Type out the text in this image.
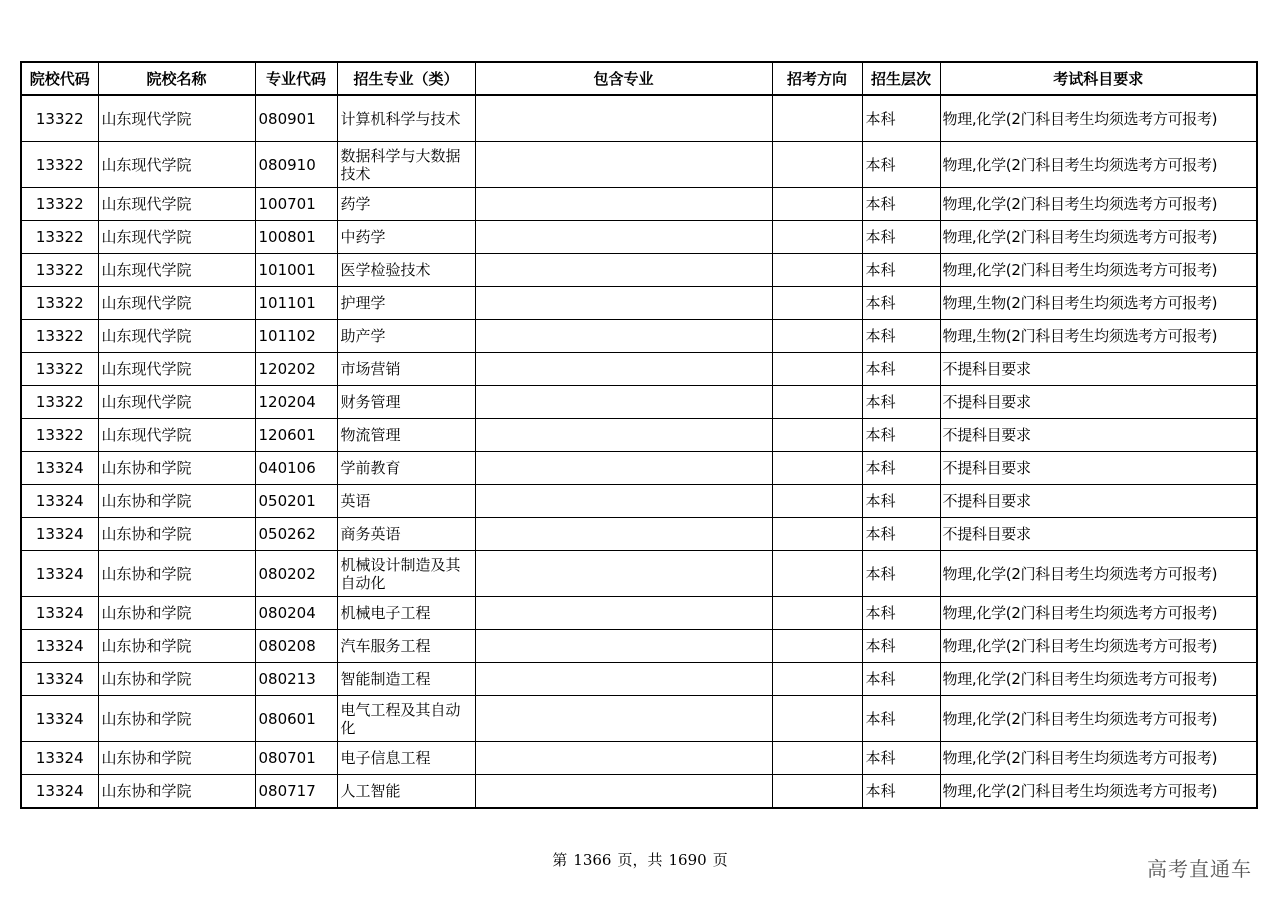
院校代码	院校名称	专业代码	招生专业（类）	包含专业	招考方向	招生层次	考试科目要求
13322	山东现代学院	080901	计算机科学与技术			本科	物理,化学(2门科目考生均须选考方可报考)
13322	山东现代学院	080910	数据科学与大数据技术			本科	物理,化学(2门科目考生均须选考方可报考)
13322	山东现代学院	100701	药学			本科	物理,化学(2门科目考生均须选考方可报考)
13322	山东现代学院	100801	中药学			本科	物理,化学(2门科目考生均须选考方可报考)
13322	山东现代学院	101001	医学检验技术			本科	物理,化学(2门科目考生均须选考方可报考)
13322	山东现代学院	101101	护理学			本科	物理,生物(2门科目考生均须选考方可报考)
13322	山东现代学院	101102	助产学			本科	物理,生物(2门科目考生均须选考方可报考)
13322	山东现代学院	120202	市场营销			本科	不提科目要求
13322	山东现代学院	120204	财务管理			本科	不提科目要求
13322	山东现代学院	120601	物流管理			本科	不提科目要求
13324	山东协和学院	040106	学前教育			本科	不提科目要求
13324	山东协和学院	050201	英语			本科	不提科目要求
13324	山东协和学院	050262	商务英语			本科	不提科目要求
13324	山东协和学院	080202	机械设计制造及其自动化			本科	物理,化学(2门科目考生均须选考方可报考)
13324	山东协和学院	080204	机械电子工程			本科	物理,化学(2门科目考生均须选考方可报考)
13324	山东协和学院	080208	汽车服务工程			本科	物理,化学(2门科目考生均须选考方可报考)
13324	山东协和学院	080213	智能制造工程			本科	物理,化学(2门科目考生均须选考方可报考)
13324	山东协和学院	080601	电气工程及其自动化			本科	物理,化学(2门科目考生均须选考方可报考)
13324	山东协和学院	080701	电子信息工程			本科	物理,化学(2门科目考生均须选考方可报考)
13324	山东协和学院	080717	人工智能			本科	物理,化学(2门科目考生均须选考方可报考)
第 1366 页，共 1690 页	高考直通车
